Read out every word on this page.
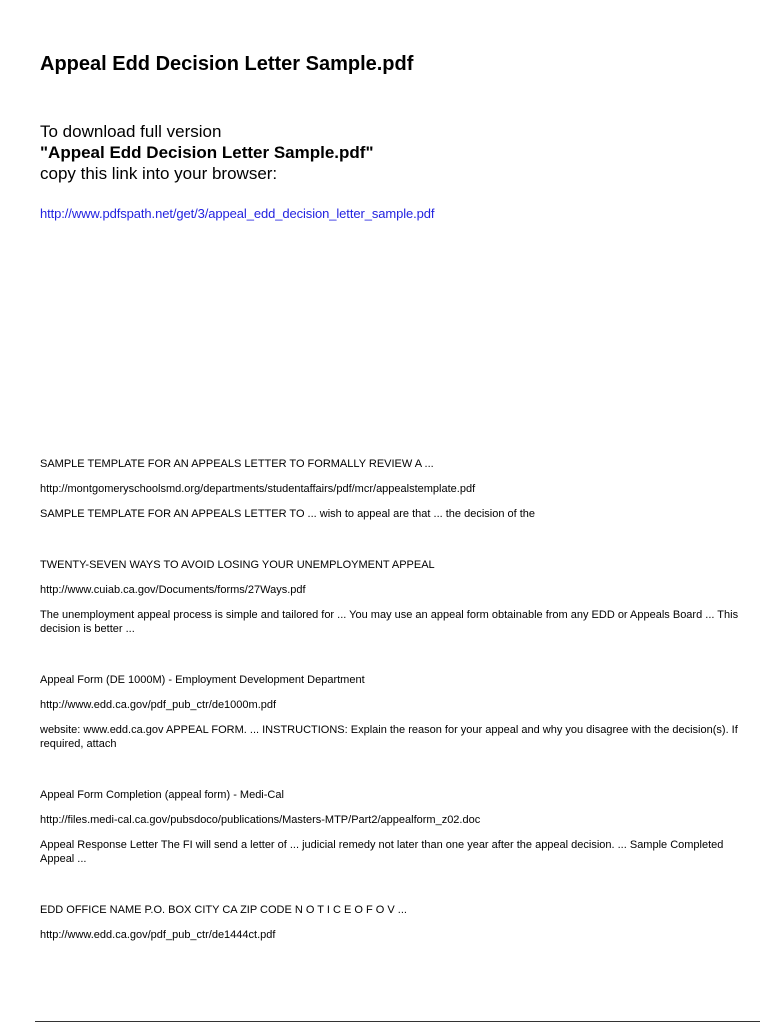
Appeal Edd Decision Letter Sample.pdf
To download full version
"Appeal Edd Decision Letter Sample.pdf"
copy this link into your browser:
http://www.pdfspath.net/get/3/appeal_edd_decision_letter_sample.pdf
SAMPLE TEMPLATE FOR AN APPEALS LETTER TO FORMALLY REVIEW A ...
http://montgomeryschoolsmd.org/departments/studentaffairs/pdf/mcr/appealstemplate.pdf
SAMPLE TEMPLATE FOR AN APPEALS LETTER TO ... wish to appeal are that ... the decision of the
TWENTY-SEVEN WAYS TO AVOID LOSING YOUR UNEMPLOYMENT APPEAL
http://www.cuiab.ca.gov/Documents/forms/27Ways.pdf
The unemployment appeal process is simple and tailored for ... You may use an appeal form obtainable from any EDD or Appeals Board ... This decision is better ...
Appeal Form (DE 1000M) - Employment Development Department
http://www.edd.ca.gov/pdf_pub_ctr/de1000m.pdf
website: www.edd.ca.gov APPEAL FORM. ... INSTRUCTIONS: Explain the reason for your appeal and why you disagree with the decision(s). If required, attach
Appeal Form Completion (appeal form) - Medi-Cal
http://files.medi-cal.ca.gov/pubsdoco/publications/Masters-MTP/Part2/appealform_z02.doc
Appeal Response Letter The FI will send a letter of ... judicial remedy not later than one year after the appeal decision. ... Sample Completed Appeal ...
EDD OFFICE NAME P.O. BOX CITY CA ZIP CODE N O T I C E O F O V ...
http://www.edd.ca.gov/pdf_pub_ctr/de1444ct.pdf
